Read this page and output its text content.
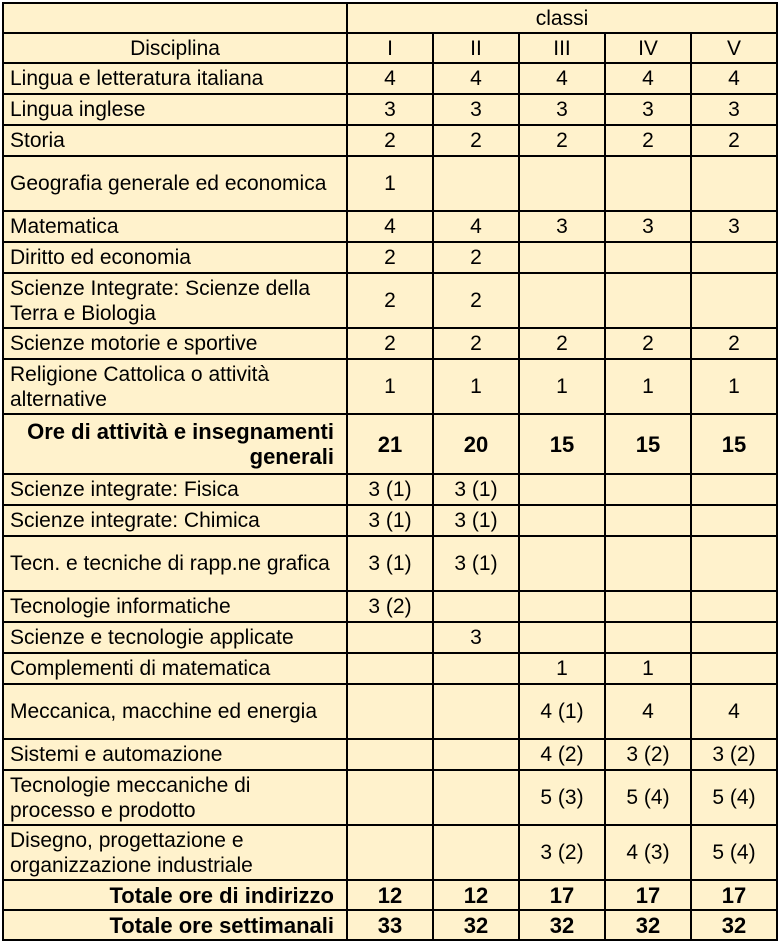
	classi				
Disciplina	I	II	III	IV	V
Lingua e letteratura italiana	4	4	4	4	4
Lingua inglese	3	3	3	3	3
Storia	2	2	2	2	2
Geografia generale ed economica	1				
Matematica	4	4	3	3	3
Diritto ed economia	2	2			
Scienze Integrate: Scienze della Terra e Biologia	2	2			
Scienze motorie e sportive	2	2	2	2	2
Religione Cattolica o attività alternative	1	1	1	1	1
Ore di attività e insegnamenti generali	21	20	15	15	15
Scienze integrate: Fisica	3 (1)	3 (1)			
Scienze integrate: Chimica	3 (1)	3 (1)			
Tecn. e tecniche di rapp.ne grafica	3 (1)	3 (1)			
Tecnologie informatiche	3 (2)				
Scienze e tecnologie applicate		3			
Complementi di matematica			1	1	
Meccanica, macchine ed energia			4 (1)	4	4
Sistemi e automazione			4 (2)	3 (2)	3 (2)
Tecnologie meccaniche di processo e prodotto			5 (3)	5 (4)	5 (4)
Disegno, progettazione e organizzazione industriale			3 (2)	4 (3)	5 (4)
Totale ore di indirizzo	12	12	17	17	17
Totale ore settimanali	33	32	32	32	32
